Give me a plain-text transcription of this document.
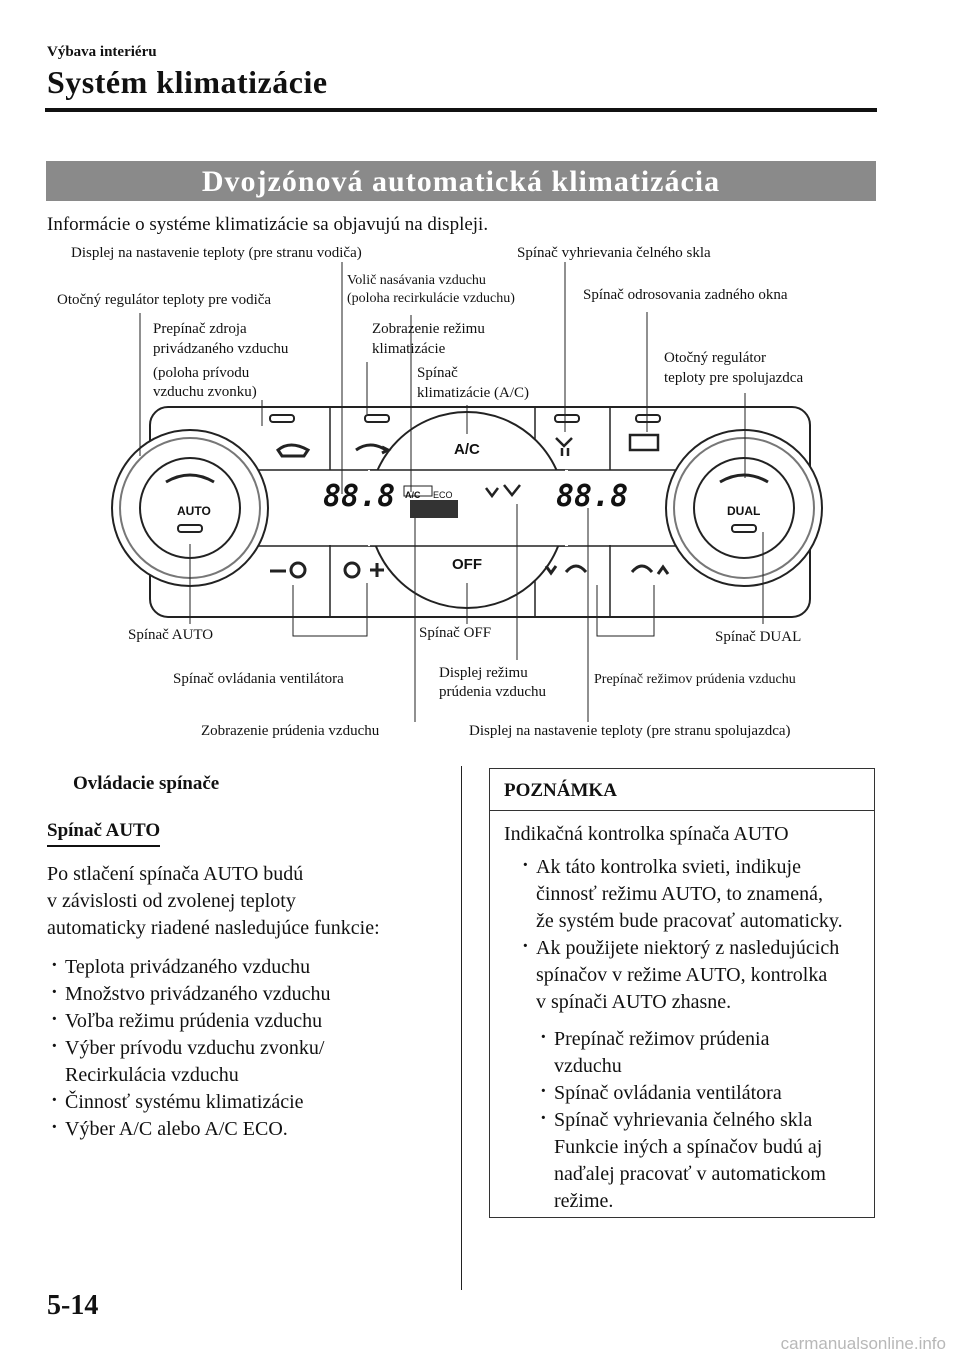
Výbava interiéru
Systém klimatizácie
Dvojzónová automatická klimatizácia
Informácie o systéme klimatizácie sa objavujú na displeji.
AUTO	DUAL
A/C
OFF
88.8	88.8
A/C ECO
Displej na nastavenie teploty (pre stranu vodiča)	Spínač vyhrievania čelného skla
Otočný regulátor teploty pre vodiča
Volič nasávania vzduchu
(poloha recirkulácie vzduchu)	Spínač odrosovania zadného okna
Prepínač zdroja
privádzaného vzduchu
(poloha prívodu
vzduchu zvonku)
Zobrazenie režimu
klimatizácie
Spínač
klimatizácie (A/C)
Otočný regulátor
teploty pre spolujazdca
Spínač AUTO	Spínač OFF	Spínač DUAL
Spínač ovládania ventilátora	Displej režimu
prúdenia vzduchu
Prepínač režimov prúdenia vzduchu
Zobrazenie prúdenia vzduchu	Displej na nastavenie teploty (pre stranu spolujazdca)
Ovládacie spínače
Spínač AUTO
Po stlačení spínača AUTO budú
v závislosti od zvolenej teploty
automaticky riadené nasledujúce funkcie:
· Teplota privádzaného vzduchu
· Množstvo privádzaného vzduchu
· Voľba režimu prúdenia vzduchu
· Výber prívodu vzduchu zvonku/
Recirkulácia vzduchu
· Činnosť systému klimatizácie
· Výber A/C alebo A/C ECO.
POZNÁMKA
Indikačná kontrolka spínača AUTO
· Ak táto kontrolka svieti, indikuje
činnosť režimu AUTO, to znamená,
že systém bude pracovať automaticky.
· Ak použijete niektorý z nasledujúcich
spínačov v režime AUTO, kontrolka
v spínači AUTO zhasne.
· Prepínač režimov prúdenia
vzduchu
· Spínač ovládania ventilátora
· Spínač vyhrievania čelného skla
Funkcie iných a spínačov budú aj
naďalej pracovať v automatickom
režime.
5-14
carmanualsonline.info
